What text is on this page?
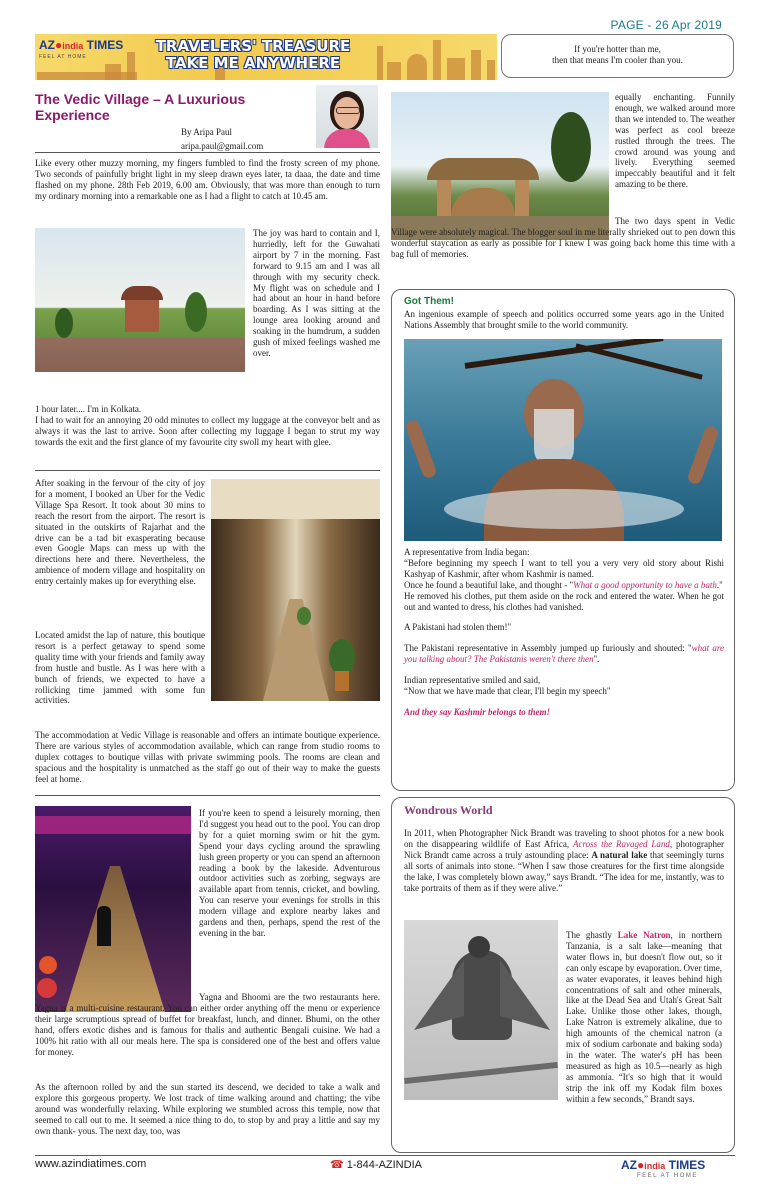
PAGE - 26 Apr 2019
AZ●india TIMES
FEEL AT HOME
TRAVELERS' TREASURE
TAKE ME ANYWHERE
If you're hotter than me,
then that means I'm cooler than you.
The Vedic Village – A Luxurious Experience
By Aripa Paul
aripa.paul@gmail.com

Like every other muzzy morning, my fingers fumbled to find the frosty screen of my phone. Two seconds of painfully bright light in my sleep drawn eyes later, ta daaa, the date and time flashed on my phone. 28th Feb 2019, 6.00 am. Obviously, that was more than enough to turn my ordinary morning into a remarkable one as I had a flight to catch at 10.45 am.

The joy was hard to contain and I, hurriedly, left for the Guwahati airport by 7 in the morning. Fast forward to 9.15 am and I was all through with my security check. My flight was on schedule and I had about an hour in hand before boarding. As I was sitting at the lounge area looking around and soaking in the humdrum, a sudden gush of mixed feelings washed me over.

1 hour later.... I'm in Kolkata.

I had to wait for an annoying 20 odd minutes to collect my luggage at the conveyor belt and as always it was the last to arrive. Soon after collecting my luggage I began to strut my way towards the exit and the first glance of my favourite city swoll my heart with glee.

After soaking in the fervour of the city of joy for a moment, I booked an Uber for the Vedic Village Spa Resort. It took about 30 mins to reach the resort from the airport. The resort is situated in the outskirts of Rajarhat and the drive can be a tad bit exasperating because even Google Maps can mess up with the directions here and there. Nevertheless, the ambience of modern village and hospitality on entry certainly makes up for everything else.

Located amidst the lap of nature, this boutique resort is a perfect getaway to spend some quality time with your friends and family away from hustle and bustle. As I was here with a bunch of friends, we expected to have a rollicking time jammed with some fun activities.

The accommodation at Vedic Village is reasonable and offers an intimate boutique experience. There are various styles of accommodation available, which can range from studio rooms to duplex cottages to boutique villas with private swimming pools. The rooms are clean and spacious and the hospitality is unmatched as the staff go out of their way to make the guests feel at home.

If you're keen to spend a leisurely morning, then I'd suggest you head out to the pool. You can drop by for a quiet morning swim or hit the gym. Spend your days cycling around the sprawling lush green property or you can spend an afternoon reading a book by the lakeside. Adventurous outdoor activities such as zorbing, segways are available apart from tennis, cricket, and bowling. You can reserve your evenings for strolls in this modern village and explore nearby lakes and gardens and then, perhaps, spend the rest of the evening in the bar.

Yagna and Bhoomi are the two restaurants here. Yagna is a multi-cuisine restaurant. You can either order anything off the menu or experience their large scrumptious spread of buffet for breakfast, lunch, and dinner. Bhumi, on the other hand, offers exotic dishes and is famous for thalis and authentic Bengali cuisine. We had a 100% hit ratio with all our meals here. The spa is considered one of the best and offers value for money.

As the afternoon rolled by and the sun started its descend, we decided to take a walk and explore this gorgeous property. We lost track of time walking around and chatting; the vibe around was wonderfully relaxing. While exploring we stumbled across this temple, now that seemed to call out to me. It seemed a nice thing to do, to stop by and pray a little and say my own thank- yous. The next day, too, was

equally enchanting. Funnily enough, we walked around more than we intended to. The weather was perfect as cool breeze rustled through the trees. The crowd around was young and lively. Everything seemed impeccably beautiful and it felt amazing to be there.

The two days spent in Vedic Village were absolutely magical. The blogger soul in me literally shrieked out to pen down this wonderful staycation as early as possible for I knew I was going back home this time with a bag full of memories.

Got Them!

An ingenious example of speech and politics occurred some years ago in the United Nations Assembly that brought smile to the world community.

A representative from India began:

“Before beginning my speech I want to tell you a very very old story about Rishi Kashyap of Kashmir, after whom Kashmir is named.

Once he found a beautiful lake, and thought - "What a good opportunity to have a bath."

He removed his clothes, put them aside on the rock and entered the water. When he got out and wanted to dress, his clothes had vanished.

A Pakistani had stolen them!"

The Pakistani representative in Assembly jumped up furiously and shouted: "what are you talking about? The Pakistanis weren't there then".

Indian representative smiled and said,

“Now that we have made that clear, I'll begin my speech"

And they say Kashmir belongs to them!

Wondrous World

In 2011, when Photographer Nick Brandt was traveling to shoot photos for a new book on the disappearing wildlife of East Africa, Across the Ravaged Land, photographer Nick Brandt came across a truly astounding place: A natural lake that seemingly turns all sorts of animals into stone. “When I saw those creatures for the first time alongside the lake, I was completely blown away,” says Brandt. “The idea for me, instantly, was to take portraits of them as if they were alive.”

The ghastly Lake Natron, in northern Tanzania, is a salt lake—meaning that water flows in, but doesn't flow out, so it can only escape by evaporation. Over time, as water evaporates, it leaves behind high concentrations of salt and other minerals, like at the Dead Sea and Utah's Great Salt Lake. Unlike those other lakes, though, Lake Natron is extremely alkaline, due to high amounts of the chemical natron (a mix of sodium carbonate and baking soda) in the water. The water's pH has been measured as high as 10.5—nearly as high as ammonia. “It's so high that it would strip the ink off my Kodak film boxes within a few seconds,” Brandt says.

www.azindiatimes.com	☎ 1-844-AZINDIA	AZ●india TIMES
FEEL AT HOME
